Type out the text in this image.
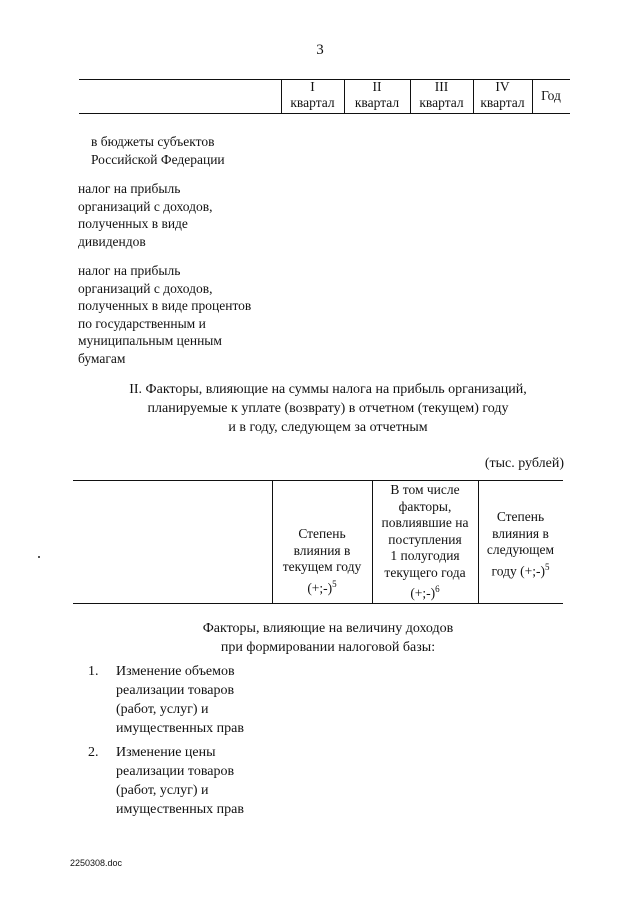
3
I
квартал
II
квартал
III
квартал
IV
квартал	Год
в бюджеты субъектов
Российской Федерации
налог на прибыль
организаций с доходов,
полученных в виде
дивидендов
налог на прибыль
организаций с доходов,
полученных в виде процентов
по государственным и
муниципальным ценным
бумагам
II. Факторы, влияющие на суммы налога на прибыль организаций,
планируемые к уплате (возврату) в отчетном (текущем) году
и в году, следующем за отчетным
(тыс. рублей)
Степень
влияния в
текущем году
(+;-)$^5$
В том числе
факторы,
повлиявшие на
поступления
1 полугодия
текущего года
(+;-)$^6$
Степень
влияния в
следующем
году (+;-)$^5$
Факторы, влияющие на величину доходов
при формировании налоговой базы:
1. Изменение объемов
реализации товаров
(работ, услуг) и
имущественных прав
2. Изменение цены
реализации товаров
(работ, услуг) и
имущественных прав
2250308.doc
